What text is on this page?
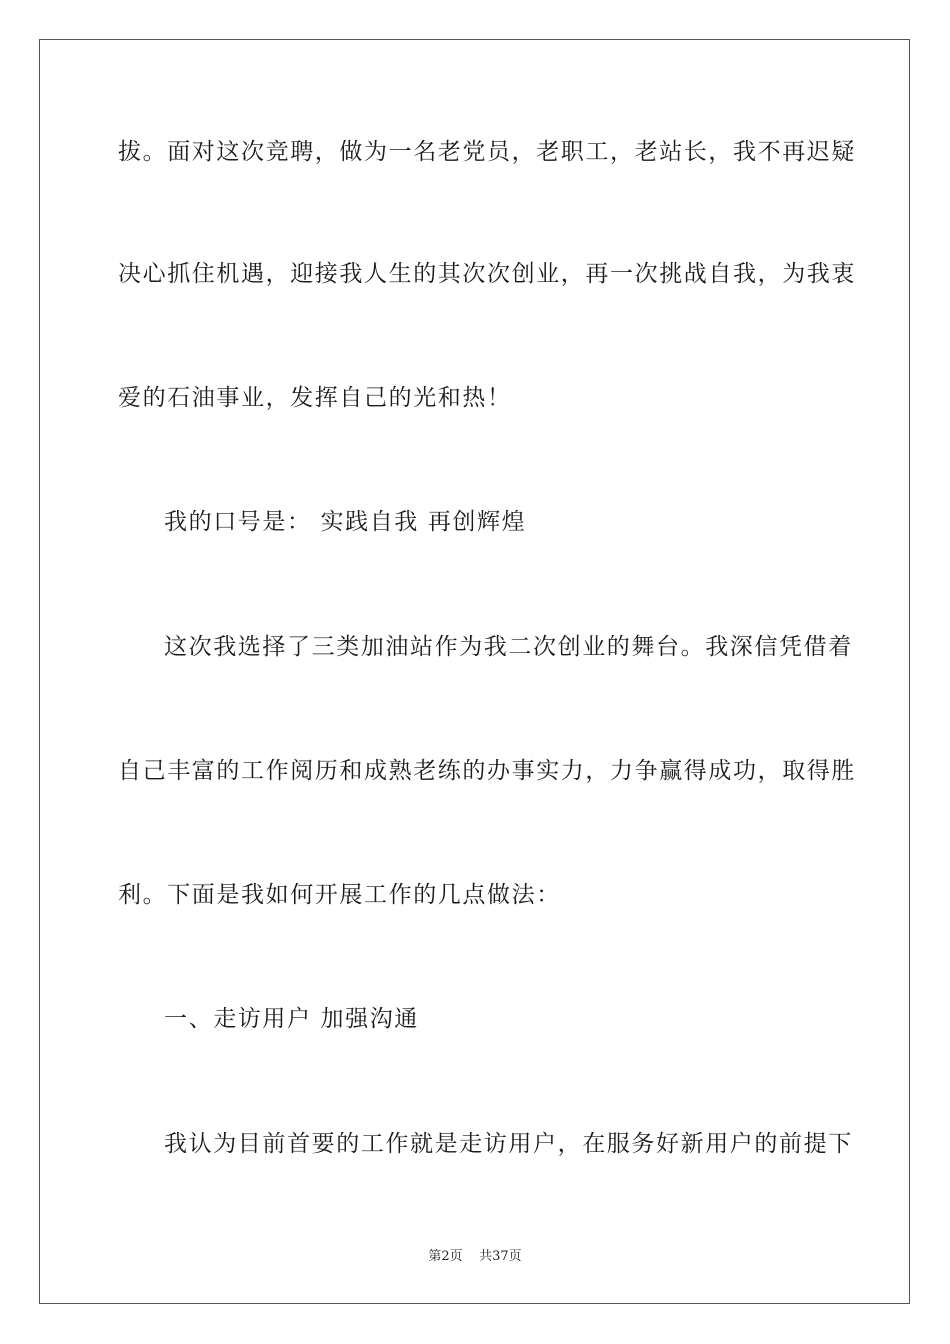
拔。面对这次竞聘，做为一名老党员，老职工，老站长，我不再迟疑
决心抓住机遇，迎接我人生的其次次创业，再一次挑战自我，为我衷
爱的石油事业，发挥自己的光和热！
我的口号是： 实践自我 再创辉煌
这次我选择了三类加油站作为我二次创业的舞台。我深信凭借着
自己丰富的工作阅历和成熟老练的办事实力，力争赢得成功，取得胜
利。下面是我如何开展工作的几点做法：
一、走访用户 加强沟通
我认为目前首要的工作就是走访用户，在服务好新用户的前提下
第2页 共37页
